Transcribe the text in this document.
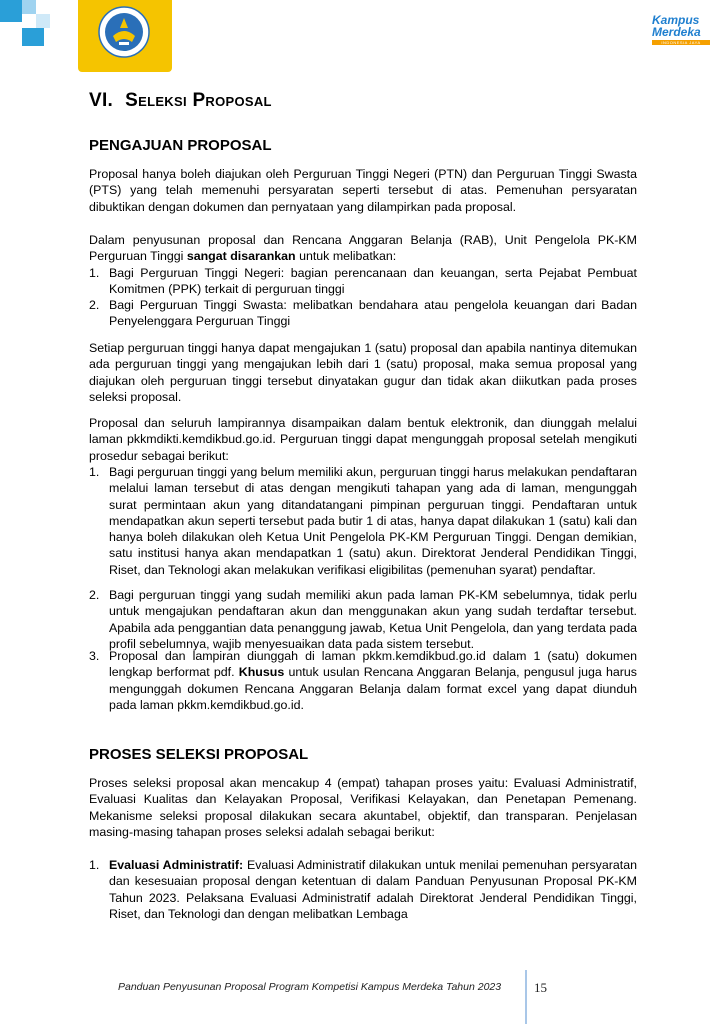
Kampus
Merdeka
INDONESIA JAYA
VI. Seleksi Proposal
PENGAJUAN PROPOSAL
Proposal hanya boleh diajukan oleh Perguruan Tinggi Negeri (PTN) dan Perguruan Tinggi Swasta (PTS) yang telah memenuhi persyaratan seperti tersebut di atas. Pemenuhan persyaratan dibuktikan dengan dokumen dan pernyataan yang dilampirkan pada proposal.
Dalam penyusunan proposal dan Rencana Anggaran Belanja (RAB), Unit Pengelola PK-KM Perguruan Tinggi sangat disarankan untuk melibatkan:
1. Bagi Perguruan Tinggi Negeri: bagian perencanaan dan keuangan, serta Pejabat Pembuat Komitmen (PPK) terkait di perguruan tinggi
2. Bagi Perguruan Tinggi Swasta: melibatkan bendahara atau pengelola keuangan dari Badan Penyelenggara Perguruan Tinggi
Setiap perguruan tinggi hanya dapat mengajukan 1 (satu) proposal dan apabila nantinya ditemukan ada perguruan tinggi yang mengajukan lebih dari 1 (satu) proposal, maka semua proposal yang diajukan oleh perguruan tinggi tersebut dinyatakan gugur dan tidak akan diikutkan pada proses seleksi proposal.
Proposal dan seluruh lampirannya disampaikan dalam bentuk elektronik, dan diunggah melalui laman pkkmdikti.kemdikbud.go.id. Perguruan tinggi dapat mengunggah proposal setelah mengikuti prosedur sebagai berikut:
1. Bagi perguruan tinggi yang belum memiliki akun, perguruan tinggi harus melakukan pendaftaran melalui laman tersebut di atas dengan mengikuti tahapan yang ada di laman, mengunggah surat permintaan akun yang ditandatangani pimpinan perguruan tinggi. Pendaftaran untuk mendapatkan akun seperti tersebut pada butir 1 di atas, hanya dapat dilakukan 1 (satu) kali dan hanya boleh dilakukan oleh Ketua Unit Pengelola PK-KM Perguruan Tinggi. Dengan demikian, satu institusi hanya akan mendapatkan 1 (satu) akun. Direktorat Jenderal Pendidikan Tinggi, Riset, dan Teknologi akan melakukan verifikasi eligibilitas (pemenuhan syarat) pendaftar.
2. Bagi perguruan tinggi yang sudah memiliki akun pada laman PK-KM sebelumnya, tidak perlu untuk mengajukan pendaftaran akun dan menggunakan akun yang sudah terdaftar tersebut. Apabila ada penggantian data penanggung jawab, Ketua Unit Pengelola, dan yang terdata pada profil sebelumnya, wajib menyesuaikan data pada sistem tersebut.
3. Proposal dan lampiran diunggah di laman pkkm.kemdikbud.go.id dalam 1 (satu) dokumen lengkap berformat pdf. Khusus untuk usulan Rencana Anggaran Belanja, pengusul juga harus mengunggah dokumen Rencana Anggaran Belanja dalam format excel yang dapat diunduh pada laman pkkm.kemdikbud.go.id.
PROSES SELEKSI PROPOSAL
Proses seleksi proposal akan mencakup 4 (empat) tahapan proses yaitu: Evaluasi Administratif, Evaluasi Kualitas dan Kelayakan Proposal, Verifikasi Kelayakan, dan Penetapan Pemenang. Mekanisme seleksi proposal dilakukan secara akuntabel, objektif, dan transparan. Penjelasan masing-masing tahapan proses seleksi adalah sebagai berikut:
1. Evaluasi Administratif: Evaluasi Administratif dilakukan untuk menilai pemenuhan persyaratan dan kesesuaian proposal dengan ketentuan di dalam Panduan Penyusunan Proposal PK-KM Tahun 2023. Pelaksana Evaluasi Administratif adalah Direktorat Jenderal Pendidikan Tinggi, Riset, dan Teknologi dan dengan melibatkan Lembaga
Panduan Penyusunan Proposal Program Kompetisi Kampus Merdeka Tahun 2023	15
